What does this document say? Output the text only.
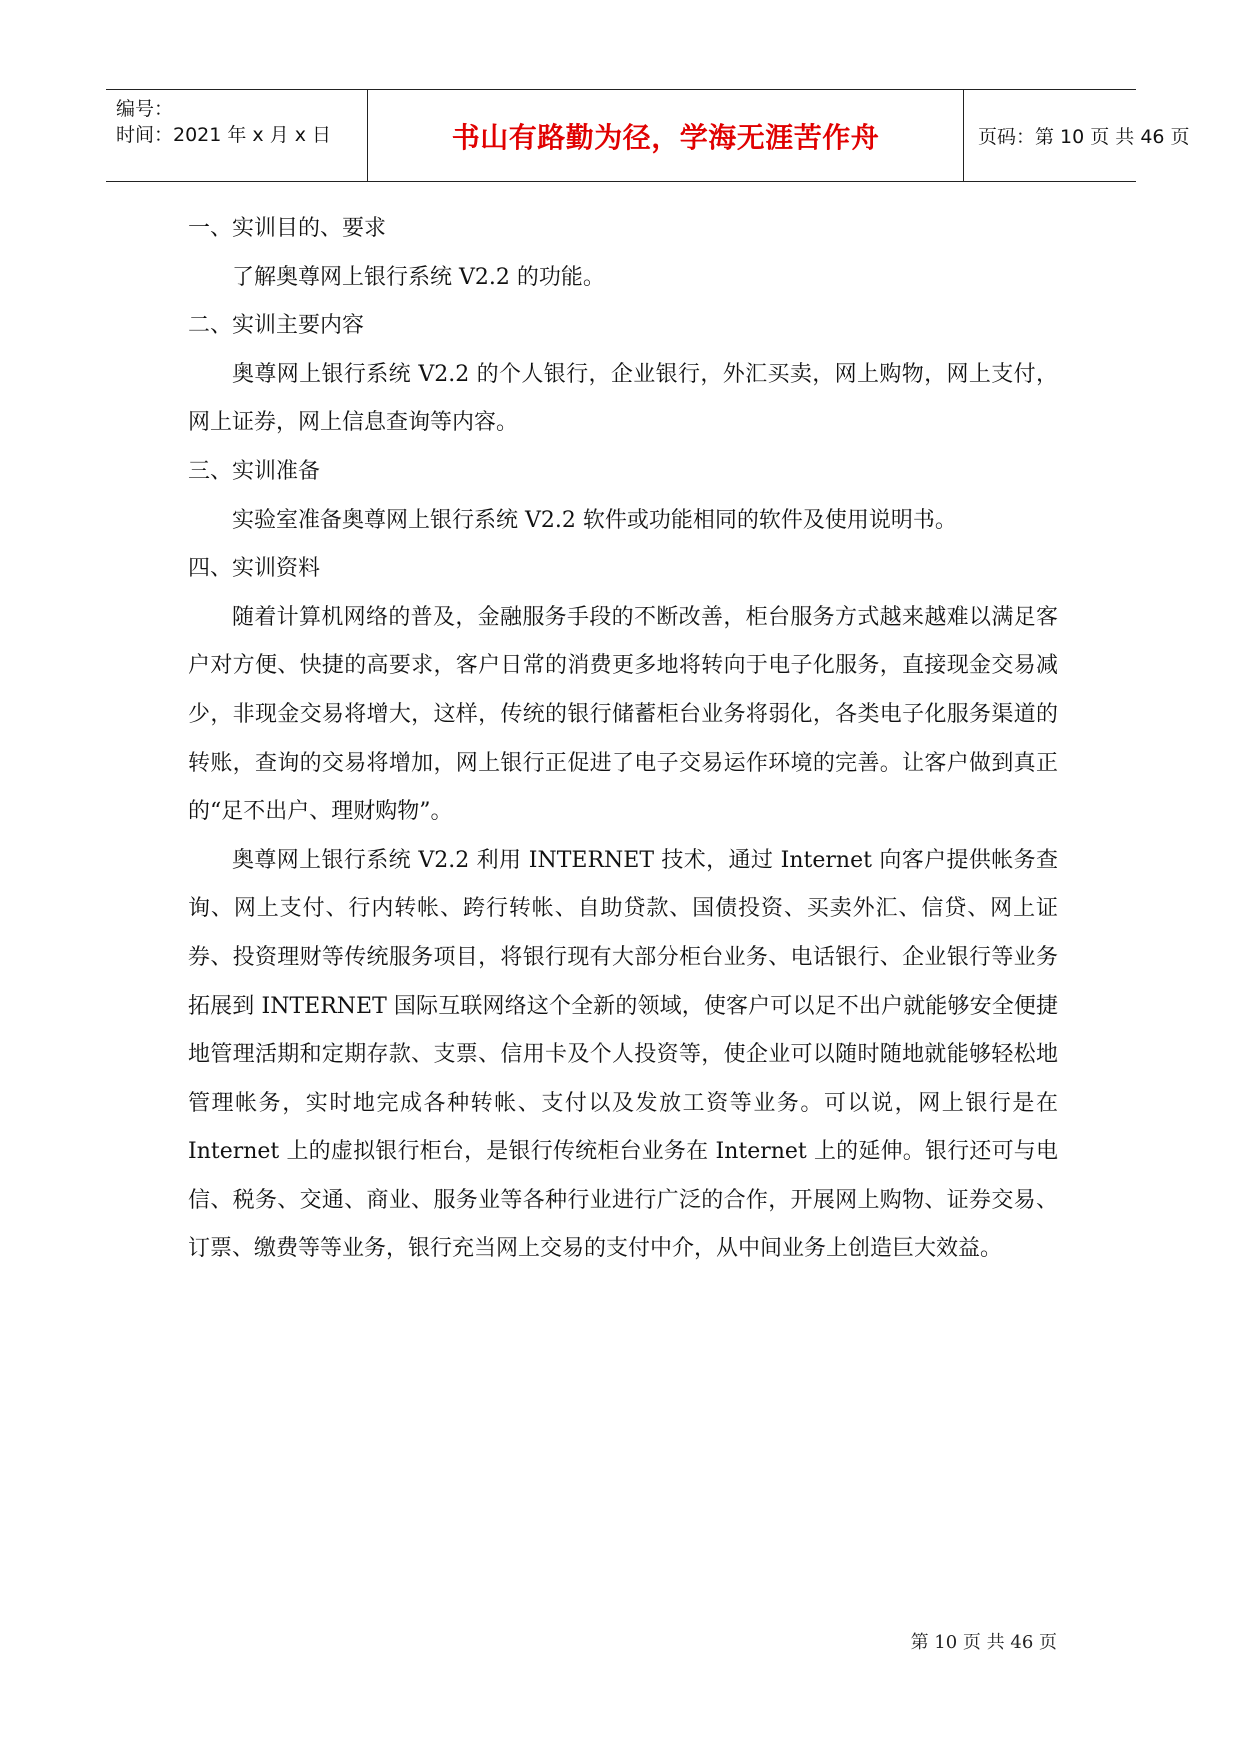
编号：
时间：2021 年 x 月 x 日	书山有路勤为径，学海无涯苦作舟	页码：第 10 页 共 46 页

一、实训目的、要求

了解奥尊网上银行系统 V2.2 的功能。

二、实训主要内容

奥尊网上银行系统 V2.2 的个人银行，企业银行，外汇买卖，网上购物，网上支付，网上证券，网上信息查询等内容。

三、实训准备

实验室准备奥尊网上银行系统 V2.2 软件或功能相同的软件及使用说明书。

四、实训资料

随着计算机网络的普及，金融服务手段的不断改善，柜台服务方式越来越难以满足客户对方便、快捷的高要求，客户日常的消费更多地将转向于电子化服务，直接现金交易减少，非现金交易将增大，这样，传统的银行储蓄柜台业务将弱化，各类电子化服务渠道的转账，查询的交易将增加，网上银行正促进了电子交易运作环境的完善。让客户做到真正的“足不出户、理财购物”。

奥尊网上银行系统 V2.2 利用 INTERNET 技术，通过 Internet 向客户提供帐务查询、网上支付、行内转帐、跨行转帐、自助贷款、国债投资、买卖外汇、信贷、网上证券、投资理财等传统服务项目，将银行现有大部分柜台业务、电话银行、企业银行等业务拓展到 INTERNET 国际互联网络这个全新的领域，使客户可以足不出户就能够安全便捷地管理活期和定期存款、支票、信用卡及个人投资等，使企业可以随时随地就能够轻松地管理帐务，实时地完成各种转帐、支付以及发放工资等业务。可以说，网上银行是在 Internet 上的虚拟银行柜台，是银行传统柜台业务在 Internet 上的延伸。银行还可与电信、税务、交通、商业、服务业等各种行业进行广泛的合作，开展网上购物、证券交易、订票、缴费等等业务，银行充当网上交易的支付中介，从中间业务上创造巨大效益。

第 10 页 共 46 页
